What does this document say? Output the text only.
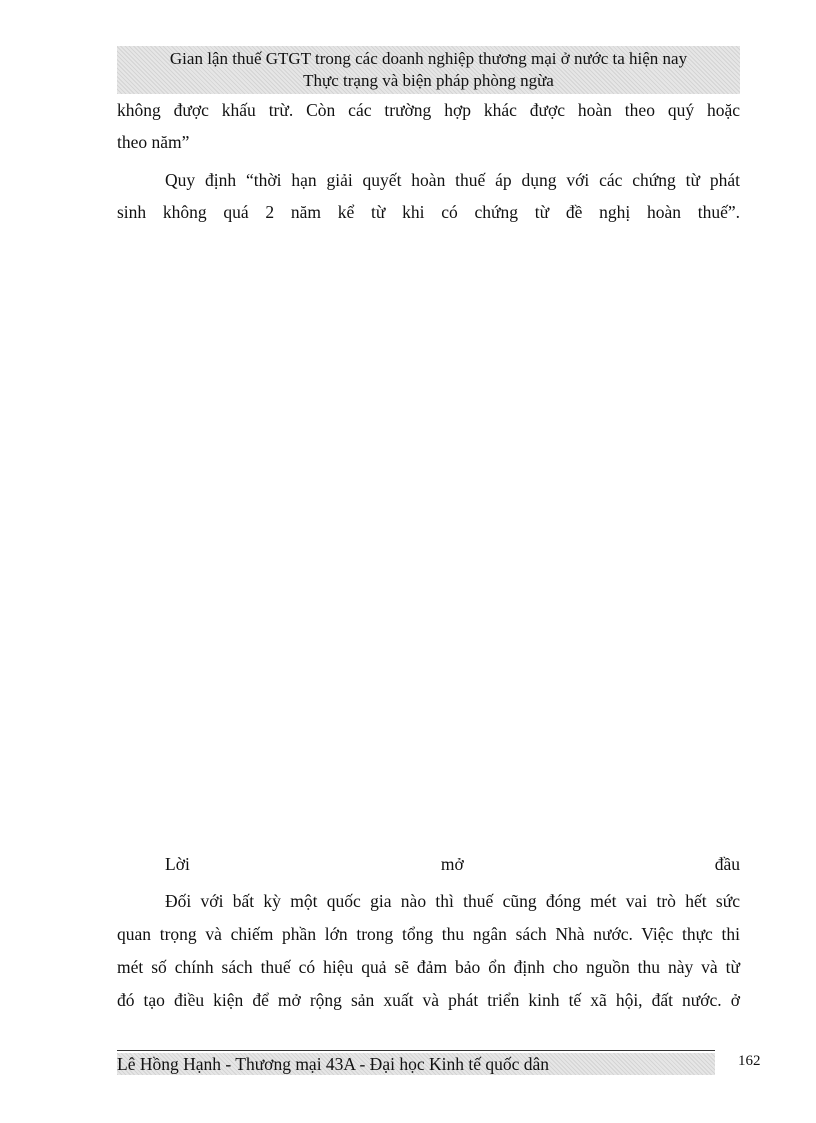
Gian lận thuế GTGT trong các doanh nghiệp thương mại ở nước ta hiện nay
Thực trạng và biện pháp phòng ngừa

không được khấu trừ. Còn các trường hợp khác được hoàn theo quý hoặc

theo năm”

Quy định “thời hạn giải quyết hoàn thuế áp dụng với các chứng từ phát

sinh không quá 2 năm kể từ khi có chứng từ đề nghị hoàn thuế”.

Lời	mở	đầu

Đối với bất kỳ một quốc gia nào thì thuế cũng đóng mét vai trò hết sức

quan trọng và chiếm phần lớn trong tổng thu ngân sách Nhà nước. Việc thực thi

mét số chính sách thuế có hiệu quả sẽ đảm bảo ổn định cho nguồn thu này và từ

đó tạo điều kiện để mở rộng sản xuất và phát triển kinh tế xã hội, đất nước. ở

Lê Hồng Hạnh - Thương mại 43A - Đại học Kinh tế quốc dân	162
